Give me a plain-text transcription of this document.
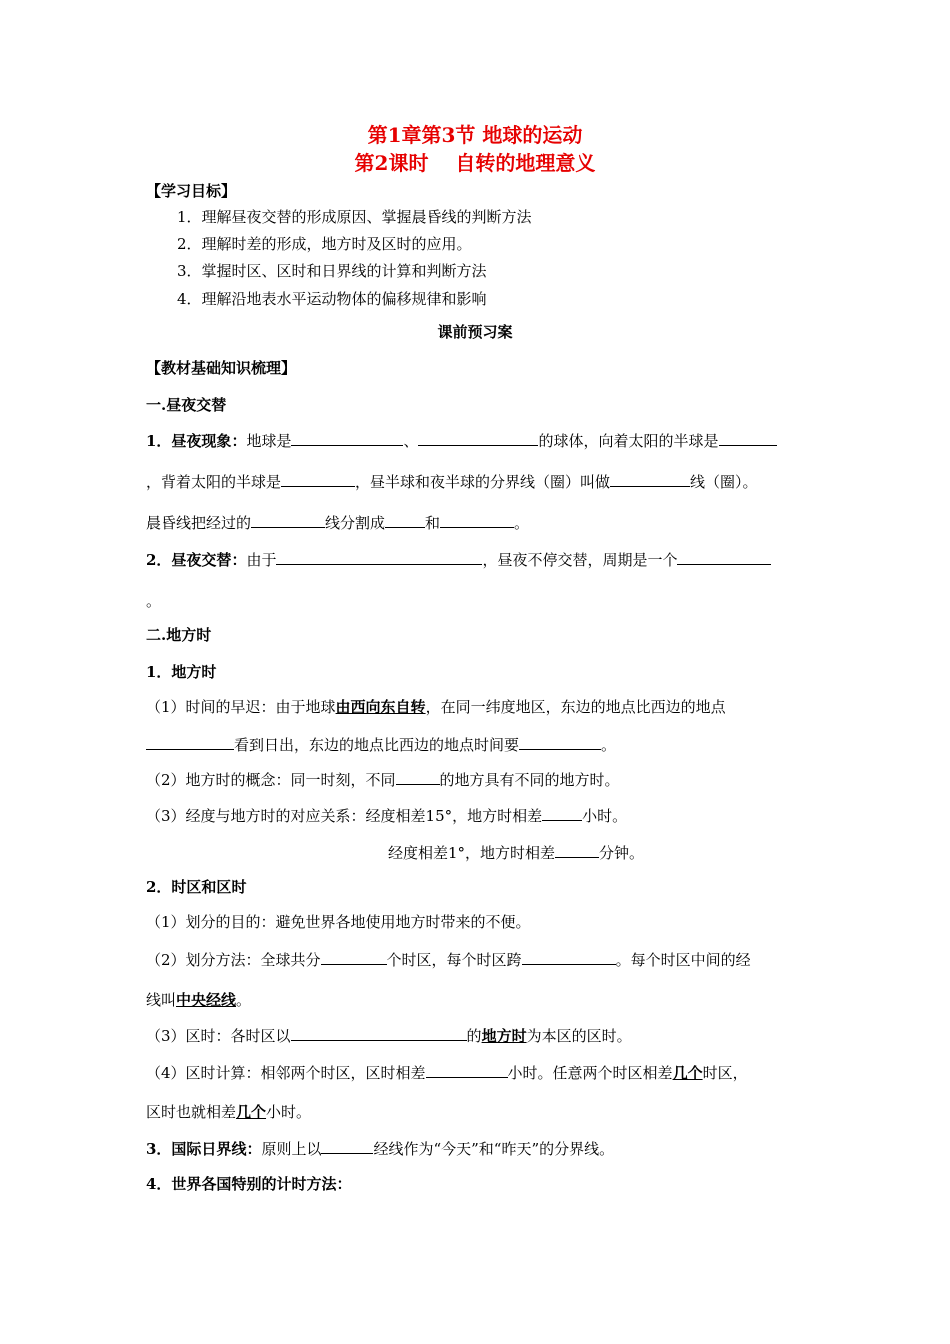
第1章第3节 地球的运动
第2课时　 自转的地理意义
【学习目标】
1．理解昼夜交替的形成原因、掌握晨昏线的判断方法
2．理解时差的形成，地方时及区时的应用。
3．掌握时区、区时和日界线的计算和判断方法
4．理解沿地表水平运动物体的偏移规律和影响
课前预习案
【教材基础知识梳理】
一.昼夜交替
1．昼夜现象：地球是	、	的球体，向着太阳的半球是
，背着太阳的半球是	，昼半球和夜半球的分界线（圈）叫做	线（圈）。
晨昏线把经过的	线分割成	和	。
2．昼夜交替：由于	，昼夜不停交替，周期是一个
。
二.地方时
1．地方时
（1）时间的早迟：由于地球由西向东自转，在同一纬度地区，东边的地点比西边的地点
看到日出，东边的地点比西边的地点时间要	。
（2）地方时的概念：同一时刻，不同	的地方具有不同的地方时。
（3）经度与地方时的对应关系：经度相差15°，地方时相差	小时。
经度相差1°，地方时相差	分钟。
2．时区和区时
（1）划分的目的：避免世界各地使用地方时带来的不便。
（2）划分方法：全球共分	个时区，每个时区跨	。每个时区中间的经
线叫中央经线。
（3）区时：各时区以	的地方时为本区的区时。
（4）区时计算：相邻两个时区，区时相差	小时。任意两个时区相差几个时区，
区时也就相差几个小时。
3．国际日界线：原则上以	经线作为“今天”和“昨天”的分界线。
4．世界各国特别的计时方法：
